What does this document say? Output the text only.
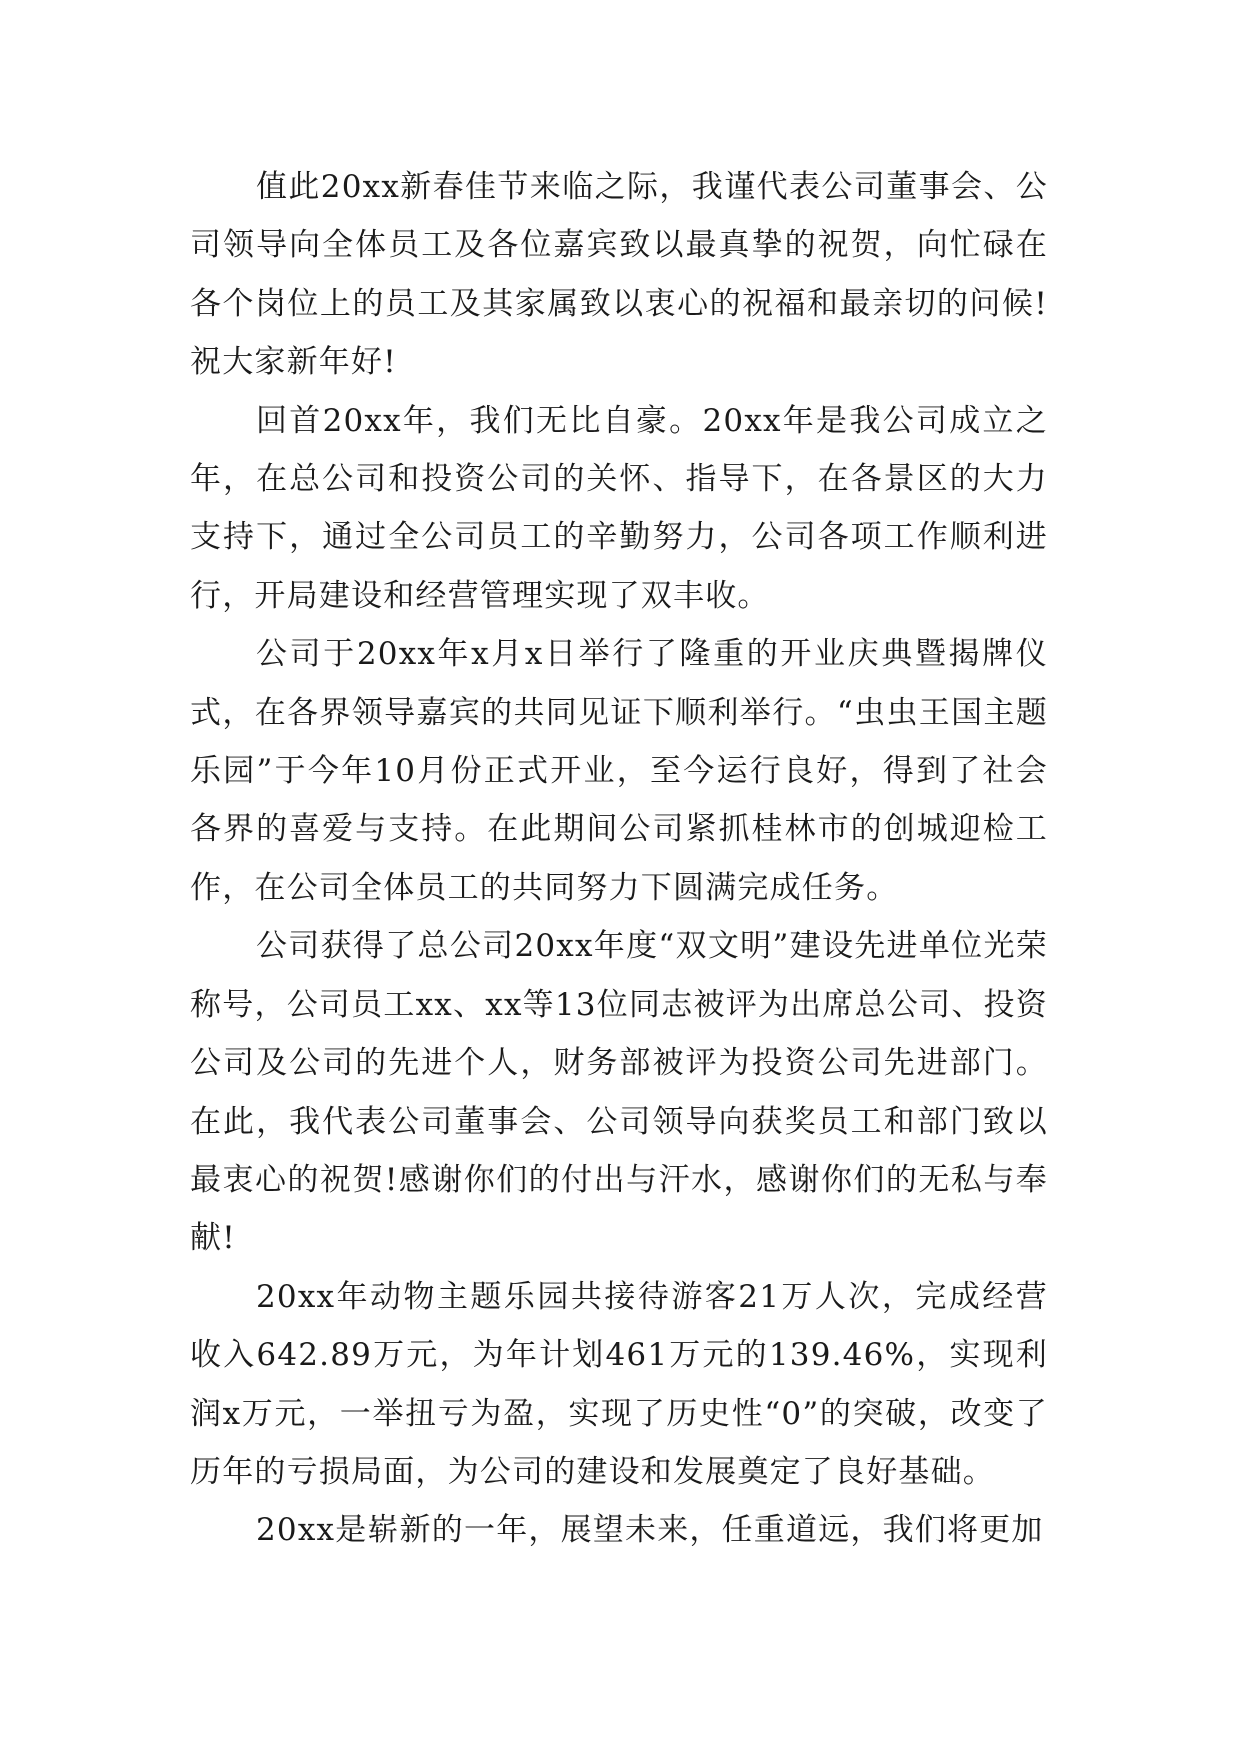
值此20xx新春佳节来临之际，我谨代表公司董事会、公司领导向全体员工及各位嘉宾致以最真挚的祝贺，向忙碌在各个岗位上的员工及其家属致以衷心的祝福和最亲切的问候!祝大家新年好!

回首20xx年，我们无比自豪。20xx年是我公司成立之年，在总公司和投资公司的关怀、指导下，在各景区的大力支持下，通过全公司员工的辛勤努力，公司各项工作顺利进行，开局建设和经营管理实现了双丰收。

公司于20xx年x月x日举行了隆重的开业庆典暨揭牌仪式，在各界领导嘉宾的共同见证下顺利举行。“虫虫王国主题乐园”于今年10月份正式开业，至今运行良好，得到了社会各界的喜爱与支持。在此期间公司紧抓桂林市的创城迎检工作，在公司全体员工的共同努力下圆满完成任务。

公司获得了总公司20xx年度“双文明”建设先进单位光荣称号，公司员工xx、xx等13位同志被评为出席总公司、投资公司及公司的先进个人，财务部被评为投资公司先进部门。在此，我代表公司董事会、公司领导向获奖员工和部门致以最衷心的祝贺!感谢你们的付出与汗水，感谢你们的无私与奉献!

20xx年动物主题乐园共接待游客21万人次，完成经营收入642.89万元，为年计划461万元的139.46%，实现利润x万元，一举扭亏为盈，实现了历史性“0”的突破，改变了历年的亏损局面，为公司的建设和发展奠定了良好基础。

20xx是崭新的一年，展望未来，任重道远，我们将更加
